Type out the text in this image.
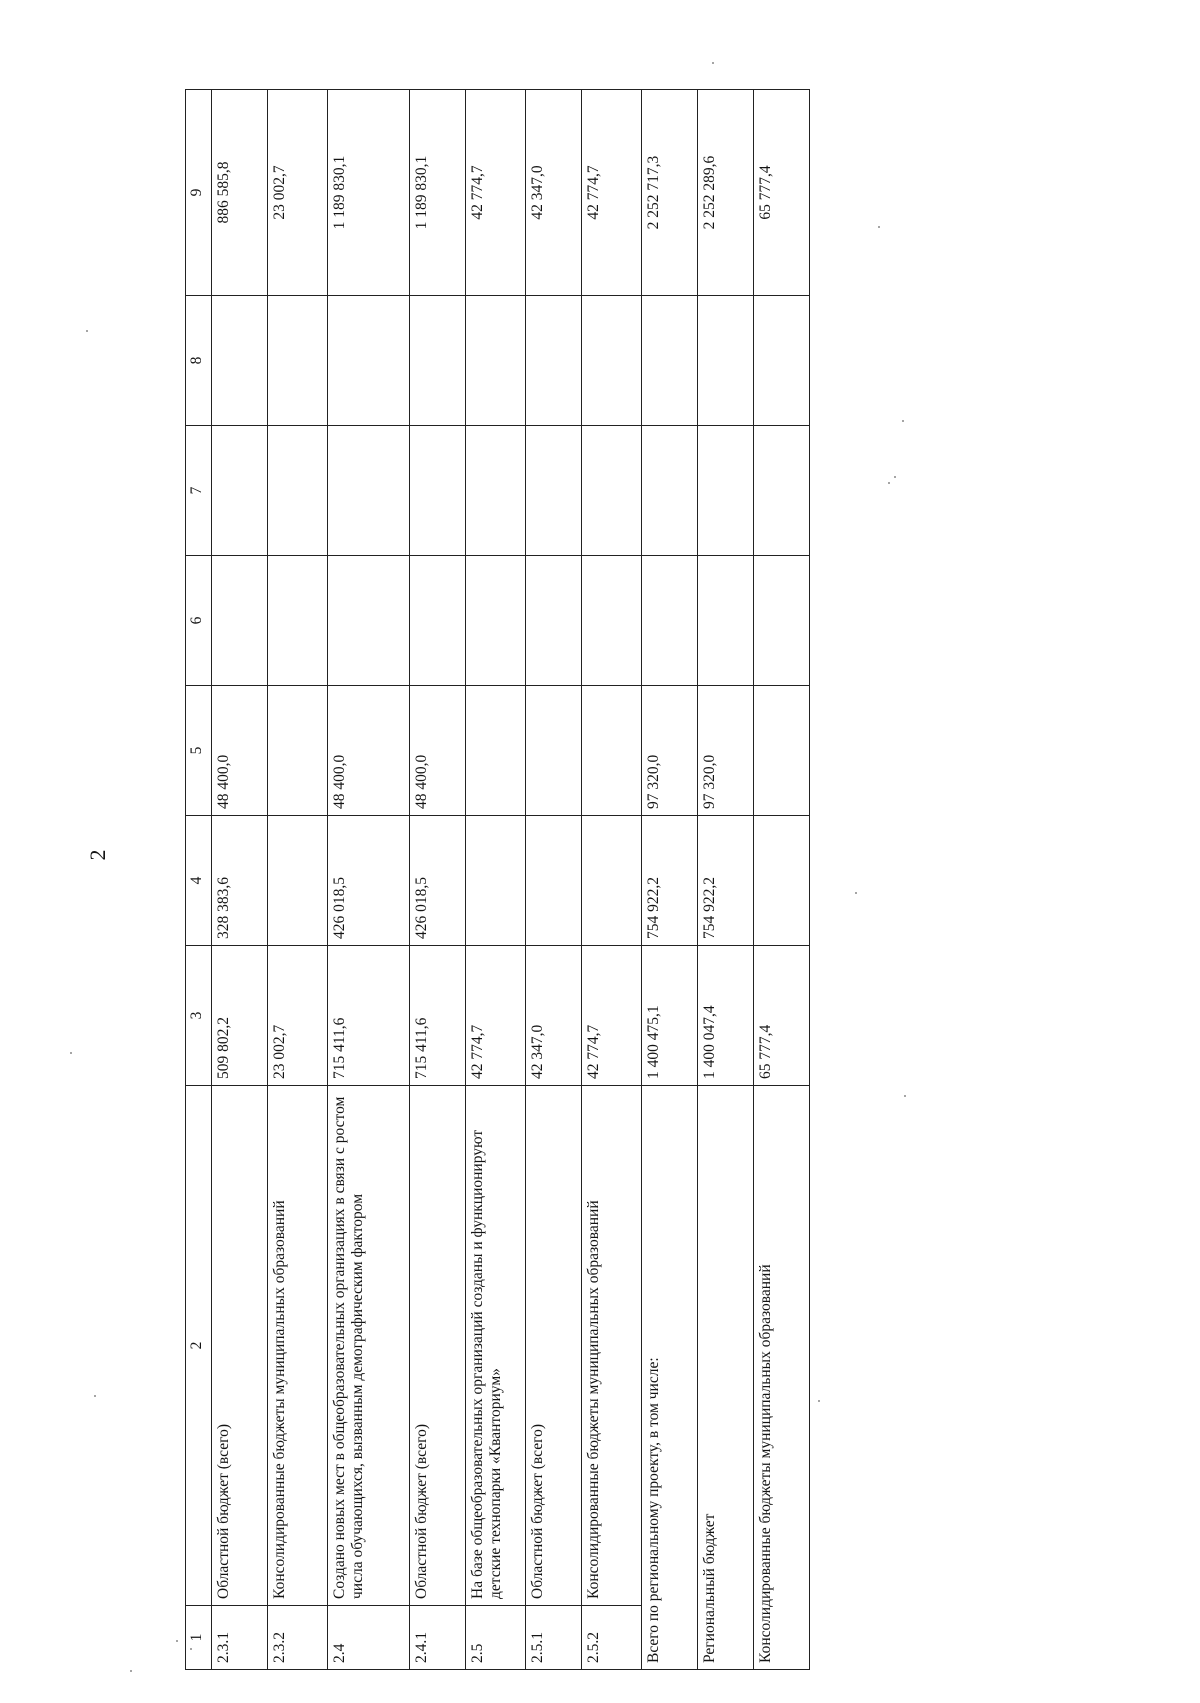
2
1	2	3	4	5	6	7	8	9
2.3.1	Областной бюджет (всего)	509 802,2	328 383,6	48 400,0				886 585,8
2.3.2	Консолидированные бюджеты муниципальных образований	23 002,7						23 002,7
2.4	Создано новых мест в общеобразовательных организациях в связи с ростом числа обучающихся, вызванным демографическим фактором	715 411,6	426 018,5	48 400,0				1 189 830,1
2.4.1	Областной бюджет (всего)	715 411,6	426 018,5	48 400,0				1 189 830,1
2.5	На базе общеобразовательных организаций созданы и функционируют детские технопарки «Кванториум»	42 774,7						42 774,7
2.5.1	Областной бюджет (всего)	42 347,0						42 347,0
2.5.2	Консолидированные бюджеты муниципальных образований	42 774,7						42 774,7
Всего по региональному проекту, в том числе:		1 400 475,1	754 922,2	97 320,0				2 252 717,3
Региональный бюджет		1 400 047,4	754 922,2	97 320,0				2 252 289,6
Консолидированные бюджеты муниципальных образований		65 777,4						65 777,4
